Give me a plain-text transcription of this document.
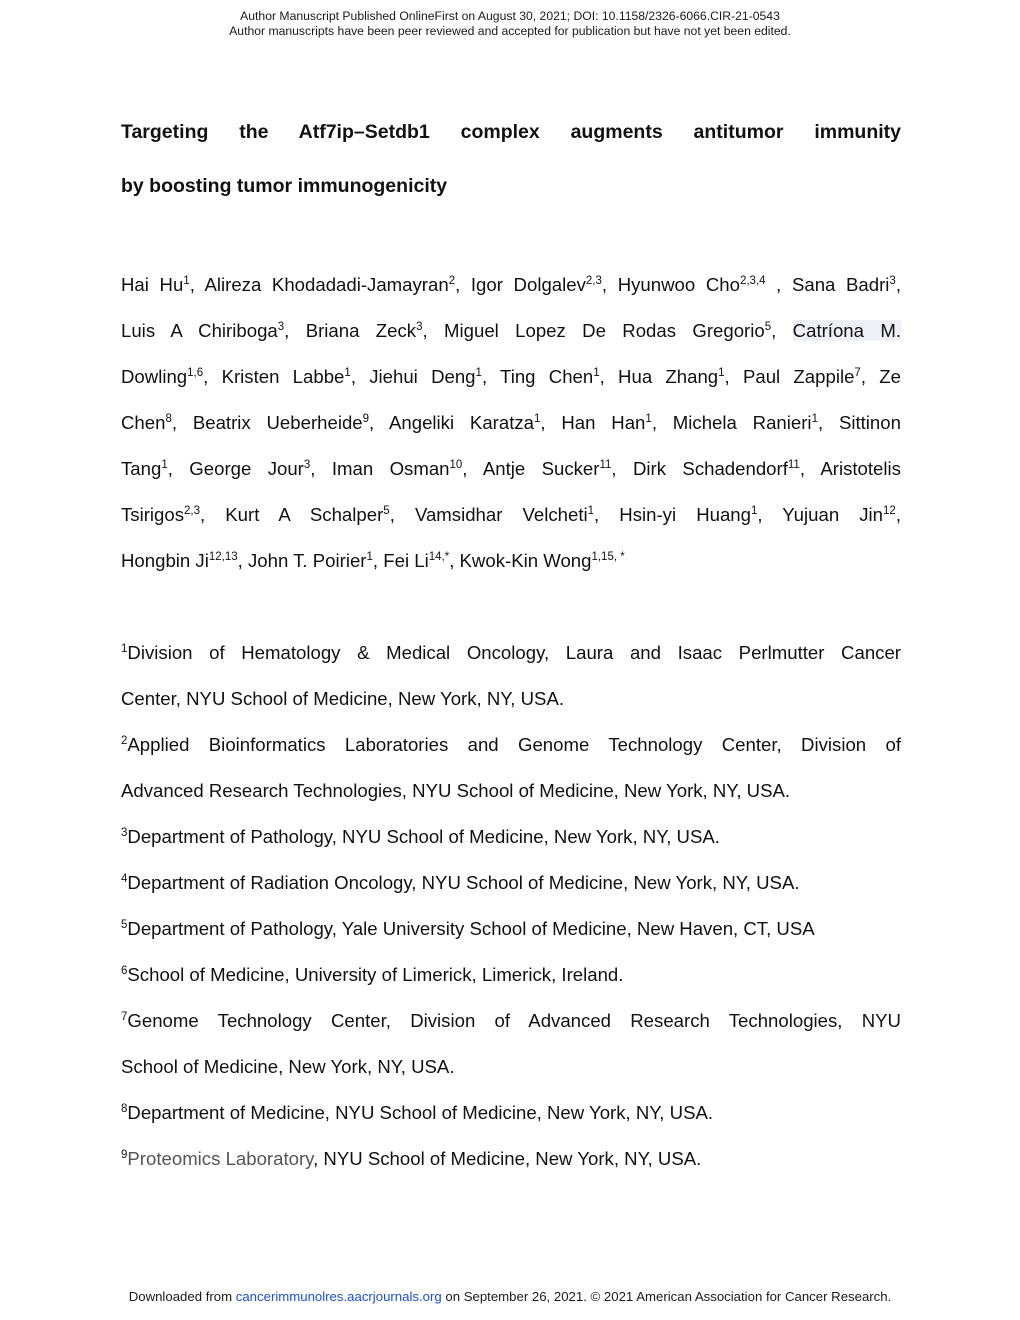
Author Manuscript Published OnlineFirst on August 30, 2021; DOI: 10.1158/2326-6066.CIR-21-0543
Author manuscripts have been peer reviewed and accepted for publication but have not yet been edited.
Targeting the Atf7ip–Setdb1 complex augments antitumor immunity
by boosting tumor immunogenicity
Hai Hu$^1$, Alireza Khodadadi-Jamayran$^2$, Igor Dolgalev$^{2,3}$, Hyunwoo Cho$^{2,3,4}$ , Sana Badri$^3$,
Luis A Chiriboga$^3$, Briana Zeck$^3$, Miguel Lopez De Rodas Gregorio$^5$, Catríona M.
Dowling$^{1,6}$, Kristen Labbe$^1$, Jiehui Deng$^1$, Ting Chen$^1$, Hua Zhang$^1$, Paul Zappile$^7$, Ze
Chen$^8$, Beatrix Ueberheide$^9$, Angeliki Karatza$^1$, Han Han$^1$, Michela Ranieri$^1$, Sittinon
Tang$^1$, George Jour$^3$, Iman Osman$^{10}$, Antje Sucker$^{11}$, Dirk Schadendorf$^{11}$, Aristotelis
Tsirigos$^{2,3}$, Kurt A Schalper$^5$, Vamsidhar Velcheti$^1$, Hsin-yi Huang$^1$, Yujuan Jin$^{12}$,
Hongbin Ji$^{12,13}$, John T. Poirier$^1$, Fei $Li^{14,*}$, Kwok-Kin Wong$^{1,15, *}$
$^1$Division of Hematology & Medical Oncology, Laura and Isaac Perlmutter Cancer
Center, NYU School of Medicine, New York, NY, USA.
$^2$Applied Bioinformatics Laboratories and Genome Technology Center, Division of
Advanced Research Technologies, NYU School of Medicine, New York, NY, USA.
$^3$Department of Pathology, NYU School of Medicine, New York, NY, USA.
$^4$Department of Radiation Oncology, NYU School of Medicine, New York, NY, USA.
$^5$Department of Pathology, Yale University School of Medicine, New Haven, CT, USA
$^6$School of Medicine, University of Limerick, Limerick, Ireland.
$^7$Genome Technology Center, Division of Advanced Research Technologies, NYU
School of Medicine, New York, NY, USA.
$^8$Department of Medicine, NYU School of Medicine, New York, NY, USA.
$^9$Proteomics Laboratory, NYU School of Medicine, New York, NY, USA.
Downloaded from cancerimmunolres.aacrjournals.org on September 26, 2021. © 2021 American Association for Cancer Research.
